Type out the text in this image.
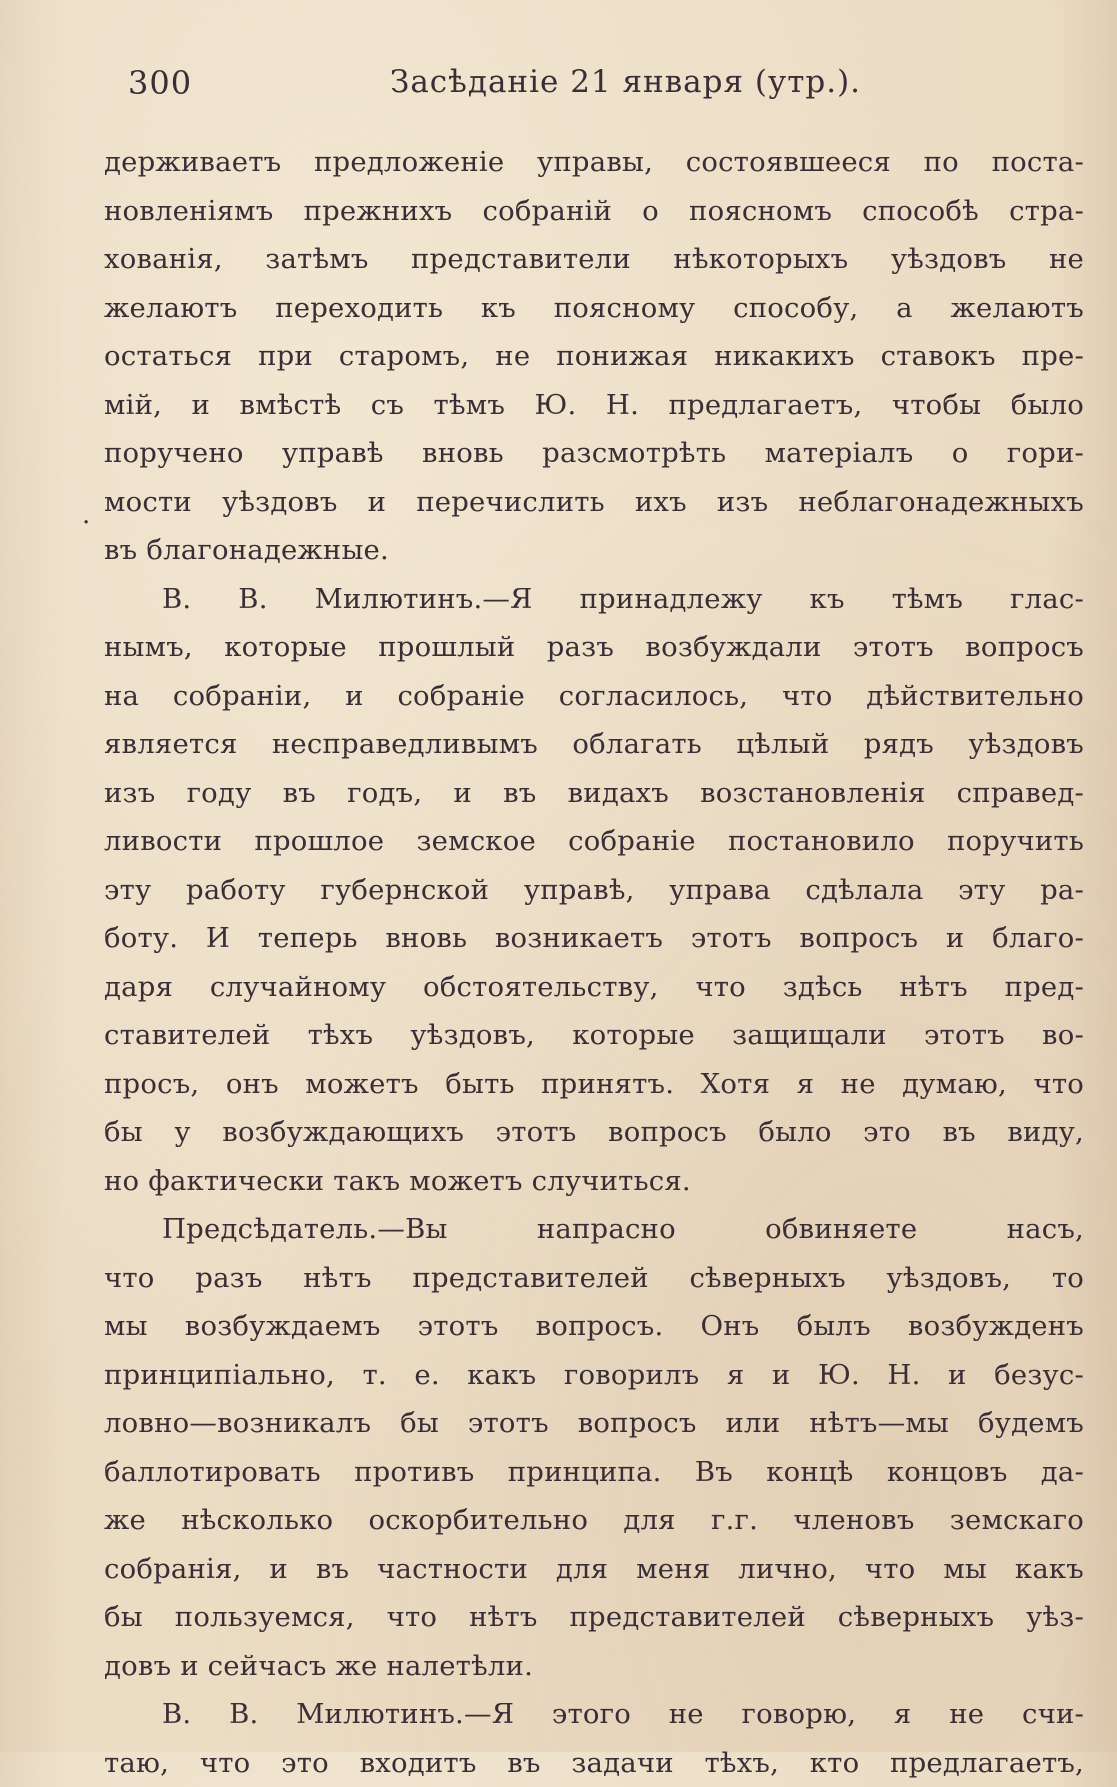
300	Засѣданіе 21 января (утр.).
.
держиваетъ предложеніе управы, состоявшееся по поста-
новленіямъ прежнихъ собраній о поясномъ способѣ стра-
хованія, затѣмъ представители нѣкоторыхъ уѣздовъ не
желаютъ переходить къ поясному способу, а желаютъ
остаться при старомъ, не понижая никакихъ ставокъ пре-
мій, и вмѣстѣ съ тѣмъ Ю. Н. предлагаетъ, чтобы было
поручено управѣ вновь разсмотрѣть матеріалъ о гори-
мости уѣздовъ и перечислить ихъ изъ неблагонадежныхъ
въ благонадежные.
В. В. Милютинъ.—Я принадлежу къ тѣмъ глас-
нымъ, которые прошлый разъ возбуждали этотъ вопросъ
на собраніи, и собраніе согласилось, что дѣйствительно
является несправедливымъ облагать цѣлый рядъ уѣздовъ
изъ году въ годъ, и въ видахъ возстановленія справед-
ливости прошлое земское собраніе постановило поручить
эту работу губернской управѣ, управа сдѣлала эту ра-
боту. И теперь вновь возникаетъ этотъ вопросъ и благо-
даря случайному обстоятельству, что здѣсь нѣтъ пред-
ставителей тѣхъ уѣздовъ, которые защищали этотъ во-
просъ, онъ можетъ быть принятъ. Хотя я не думаю, что
бы у возбуждающихъ этотъ вопросъ было это въ виду,
но фактически такъ можетъ случиться.
Предсѣдатель.—Вы напрасно обвиняете насъ,
что разъ нѣтъ представителей сѣверныхъ уѣздовъ, то
мы возбуждаемъ этотъ вопросъ. Онъ былъ возбужденъ
принципіально, т. е. какъ говорилъ я и Ю. Н. и безус-
ловно—возникалъ бы этотъ вопросъ или нѣтъ—мы будемъ
баллотировать противъ принципа. Въ концѣ концовъ да-
же нѣсколько оскорбительно для г.г. членовъ земскаго
собранія, и въ частности для меня лично, что мы какъ
бы пользуемся, что нѣтъ представителей сѣверныхъ уѣз-
довъ и сейчасъ же налетѣли.
В. В. Милютинъ.—Я этого не говорю, я не счи-
таю, что это входитъ въ задачи тѣхъ, кто предлагаетъ,
